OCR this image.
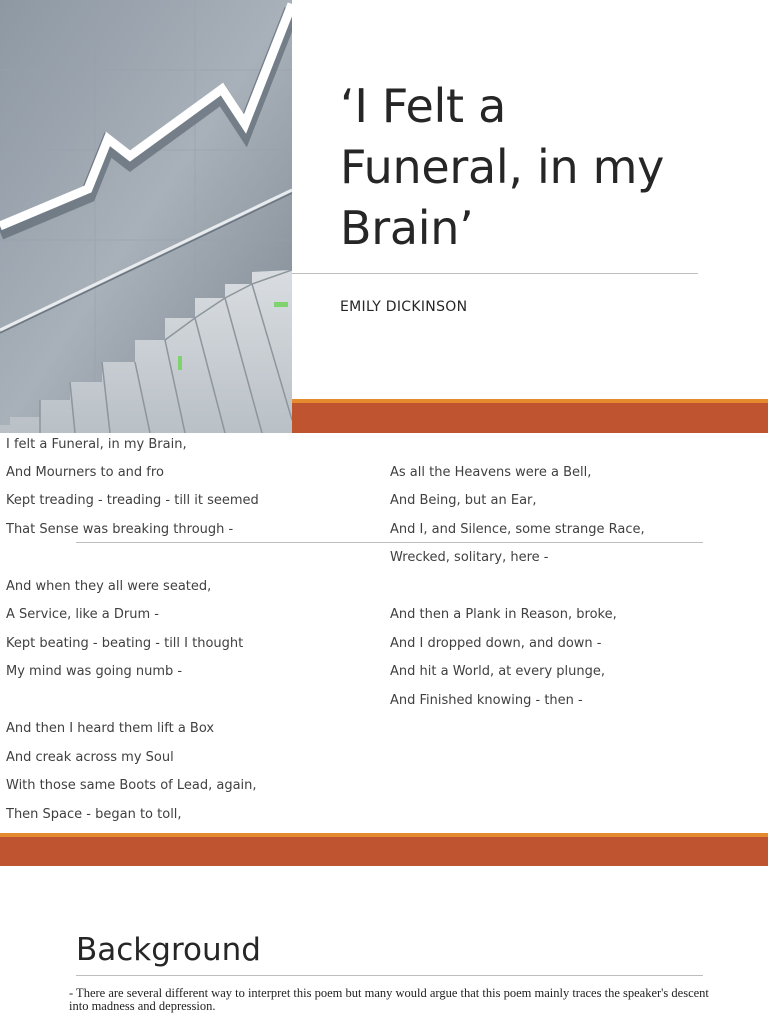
‘I Felt a
Funeral, in my
Brain’
EMILY DICKINSON
I felt a Funeral, in my Brain,
And Mourners to and fro
Kept treading - treading - till it seemed
That Sense was breaking through -
And when they all were seated,
A Service, like a Drum -
Kept beating - beating - till I thought
My mind was going numb -
And then I heard them lift a Box
And creak across my Soul
With those same Boots of Lead, again,
Then Space - began to toll,
As all the Heavens were a Bell,
And Being, but an Ear,
And I, and Silence, some strange Race,
Wrecked, solitary, here -
And then a Plank in Reason, broke,
And I dropped down, and down -
And hit a World, at every plunge,
And Finished knowing - then -
Background
- There are several different way to interpret this poem but many would argue that this poem mainly traces the speaker's descent into madness and depression.
